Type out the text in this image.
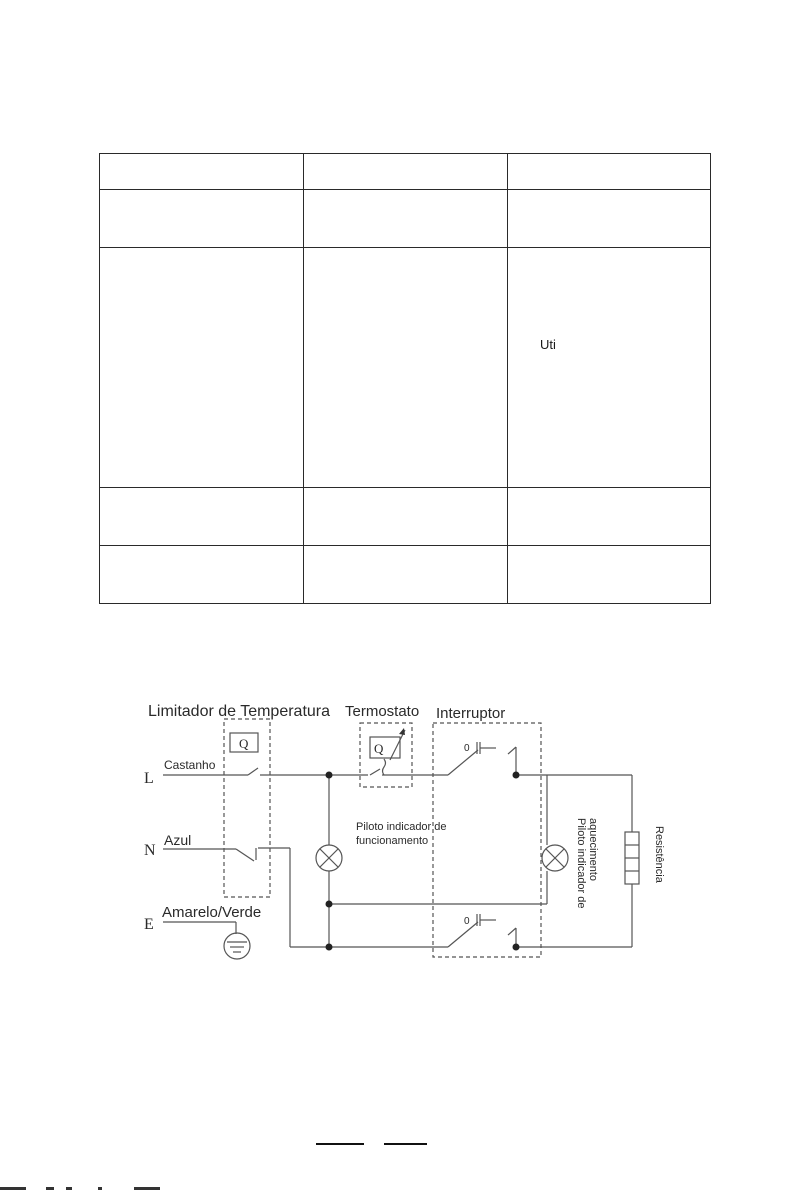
		Uti

Limitador de Temperatura Termostato Interruptor
Q	Q	0
0
L
N
E
Castanho
Azul
Amarelo/Verde
Piloto indicador de
funcionamento	Piloto indicador de aquecimento	Resistência
